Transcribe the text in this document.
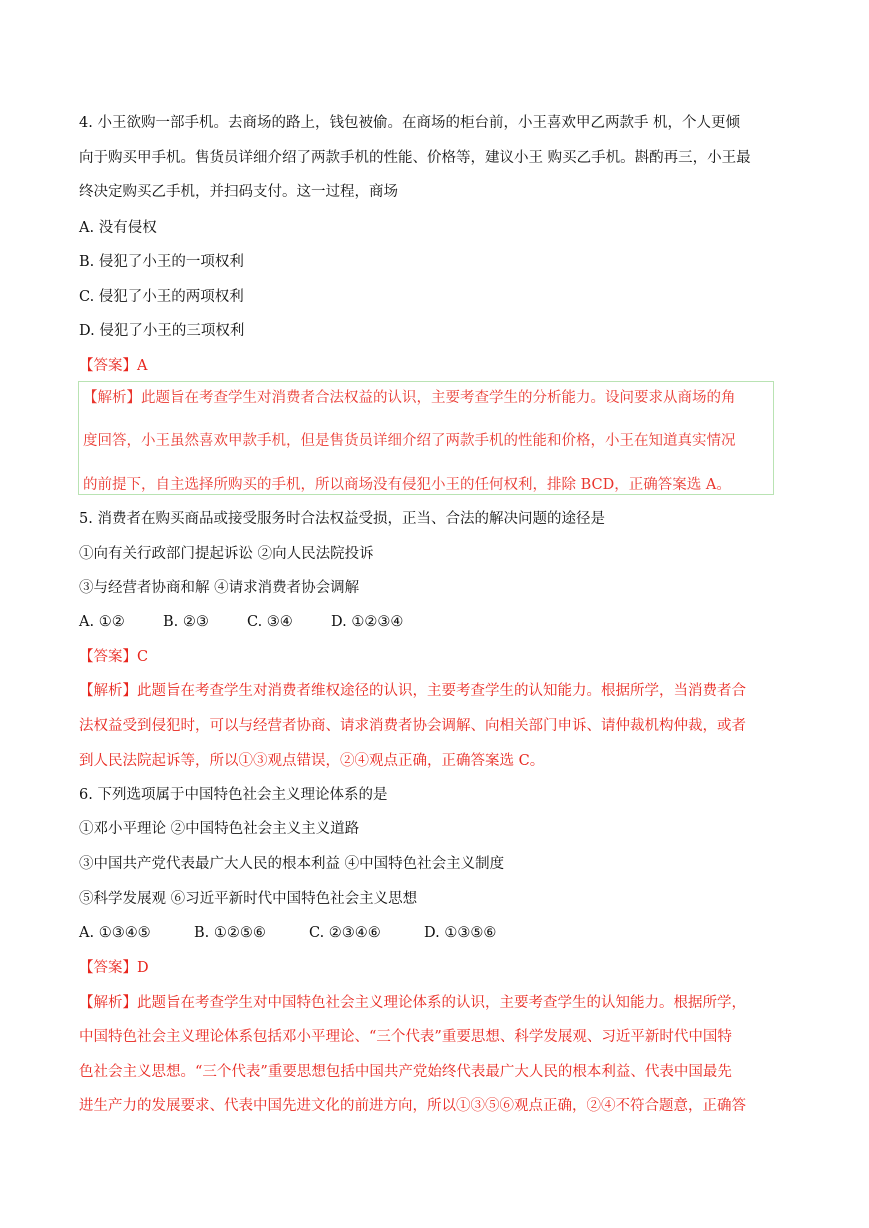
4. 小王欲购一部手机。去商场的路上，钱包被偷。在商场的柜台前，小王喜欢甲乙两款手 机，个人更倾
向于购买甲手机。售货员详细介绍了两款手机的性能、价格等，建议小王 购买乙手机。斟酌再三，小王最
终决定购买乙手机，并扫码支付。这一过程，商场
A. 没有侵权
B. 侵犯了小王的一项权利
C. 侵犯了小王的两项权利
D. 侵犯了小王的三项权利
【答案】A
【解析】此题旨在考查学生对消费者合法权益的认识，主要考查学生的分析能力。设问要求从商场的角
度回答，小王虽然喜欢甲款手机，但是售货员详细介绍了两款手机的性能和价格，小王在知道真实情况
的前提下，自主选择所购买的手机，所以商场没有侵犯小王的任何权利，排除 BCD，正确答案选 A。
5. 消费者在购买商品或接受服务时合法权益受损，正当、合法的解决问题的途径是
①向有关行政部门提起诉讼 ②向人民法院投诉
③与经营者协商和解 ④请求消费者协会调解
A. ①②	B. ②③	C. ③④	D. ①②③④
【答案】C
【解析】此题旨在考查学生对消费者维权途径的认识，主要考查学生的认知能力。根据所学，当消费者合
法权益受到侵犯时，可以与经营者协商、请求消费者协会调解、向相关部门申诉、请仲裁机构仲裁，或者
到人民法院起诉等，所以①③观点错误，②④观点正确，正确答案选 C。
6. 下列选项属于中国特色社会主义理论体系的是
①邓小平理论 ②中国特色社会主义主义道路
③中国共产党代表最广大人民的根本利益 ④中国特色社会主义制度
⑤科学发展观 ⑥习近平新时代中国特色社会主义思想
A. ①③④⑤	B. ①②⑤⑥	C. ②③④⑥	D. ①③⑤⑥
【答案】D
【解析】此题旨在考查学生对中国特色社会主义理论体系的认识，主要考查学生的认知能力。根据所学，
中国特色社会主义理论体系包括邓小平理论、“三个代表”重要思想、科学发展观、习近平新时代中国特
色社会主义思想。“三个代表”重要思想包括中国共产党始终代表最广大人民的根本利益、代表中国最先
进生产力的发展要求、代表中国先进文化的前进方向，所以①③⑤⑥观点正确，②④不符合题意，正确答
